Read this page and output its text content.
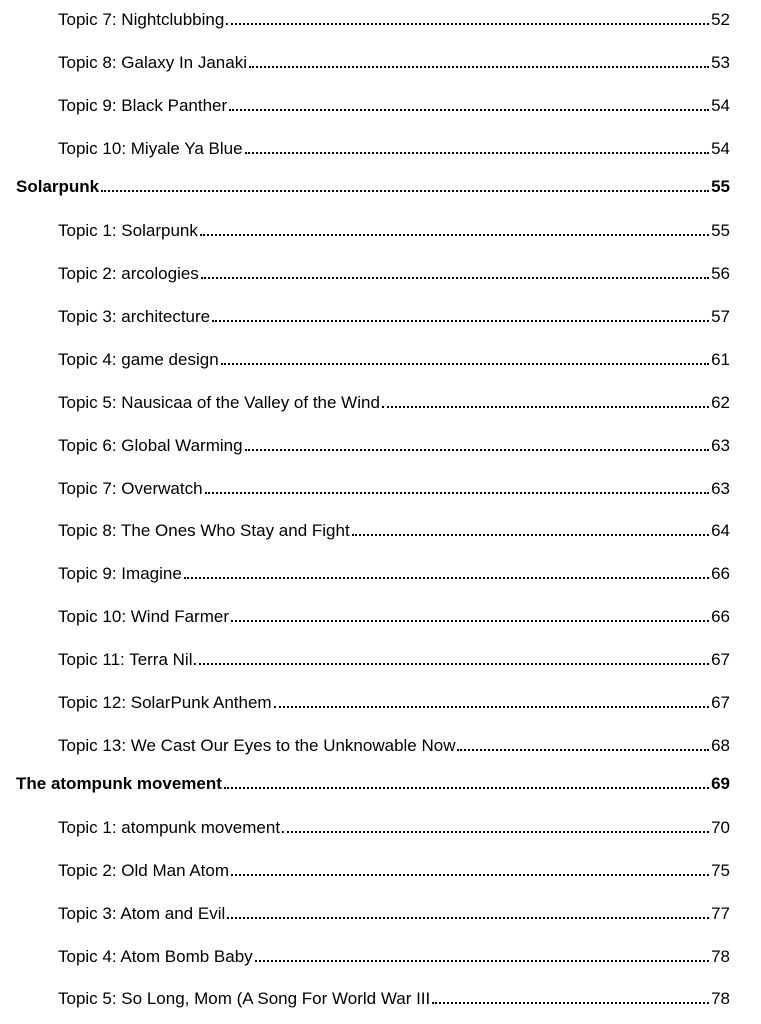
Topic 7: Nightclubbing	52
Topic 8: Galaxy In Janaki	53
Topic 9: Black Panther	54
Topic 10: Miyale Ya Blue	54
Solarpunk	55
Topic 1: Solarpunk	55
Topic 2: arcologies	56
Topic 3: architecture	57
Topic 4: game design	61
Topic 5: Nausicaa of the Valley of the Wind	62
Topic 6: Global Warming	63
Topic 7: Overwatch	63
Topic 8: The Ones Who Stay and Fight	64
Topic 9: Imagine	66
Topic 10: Wind Farmer	66
Topic 11: Terra Nil	67
Topic 12: SolarPunk Anthem	67
Topic 13: We Cast Our Eyes to the Unknowable Now	68
The atompunk movement	69
Topic 1: atompunk movement	70
Topic 2: Old Man Atom	75
Topic 3: Atom and Evil	77
Topic 4: Atom Bomb Baby	78
Topic 5: So Long, Mom (A Song For World War III	78
